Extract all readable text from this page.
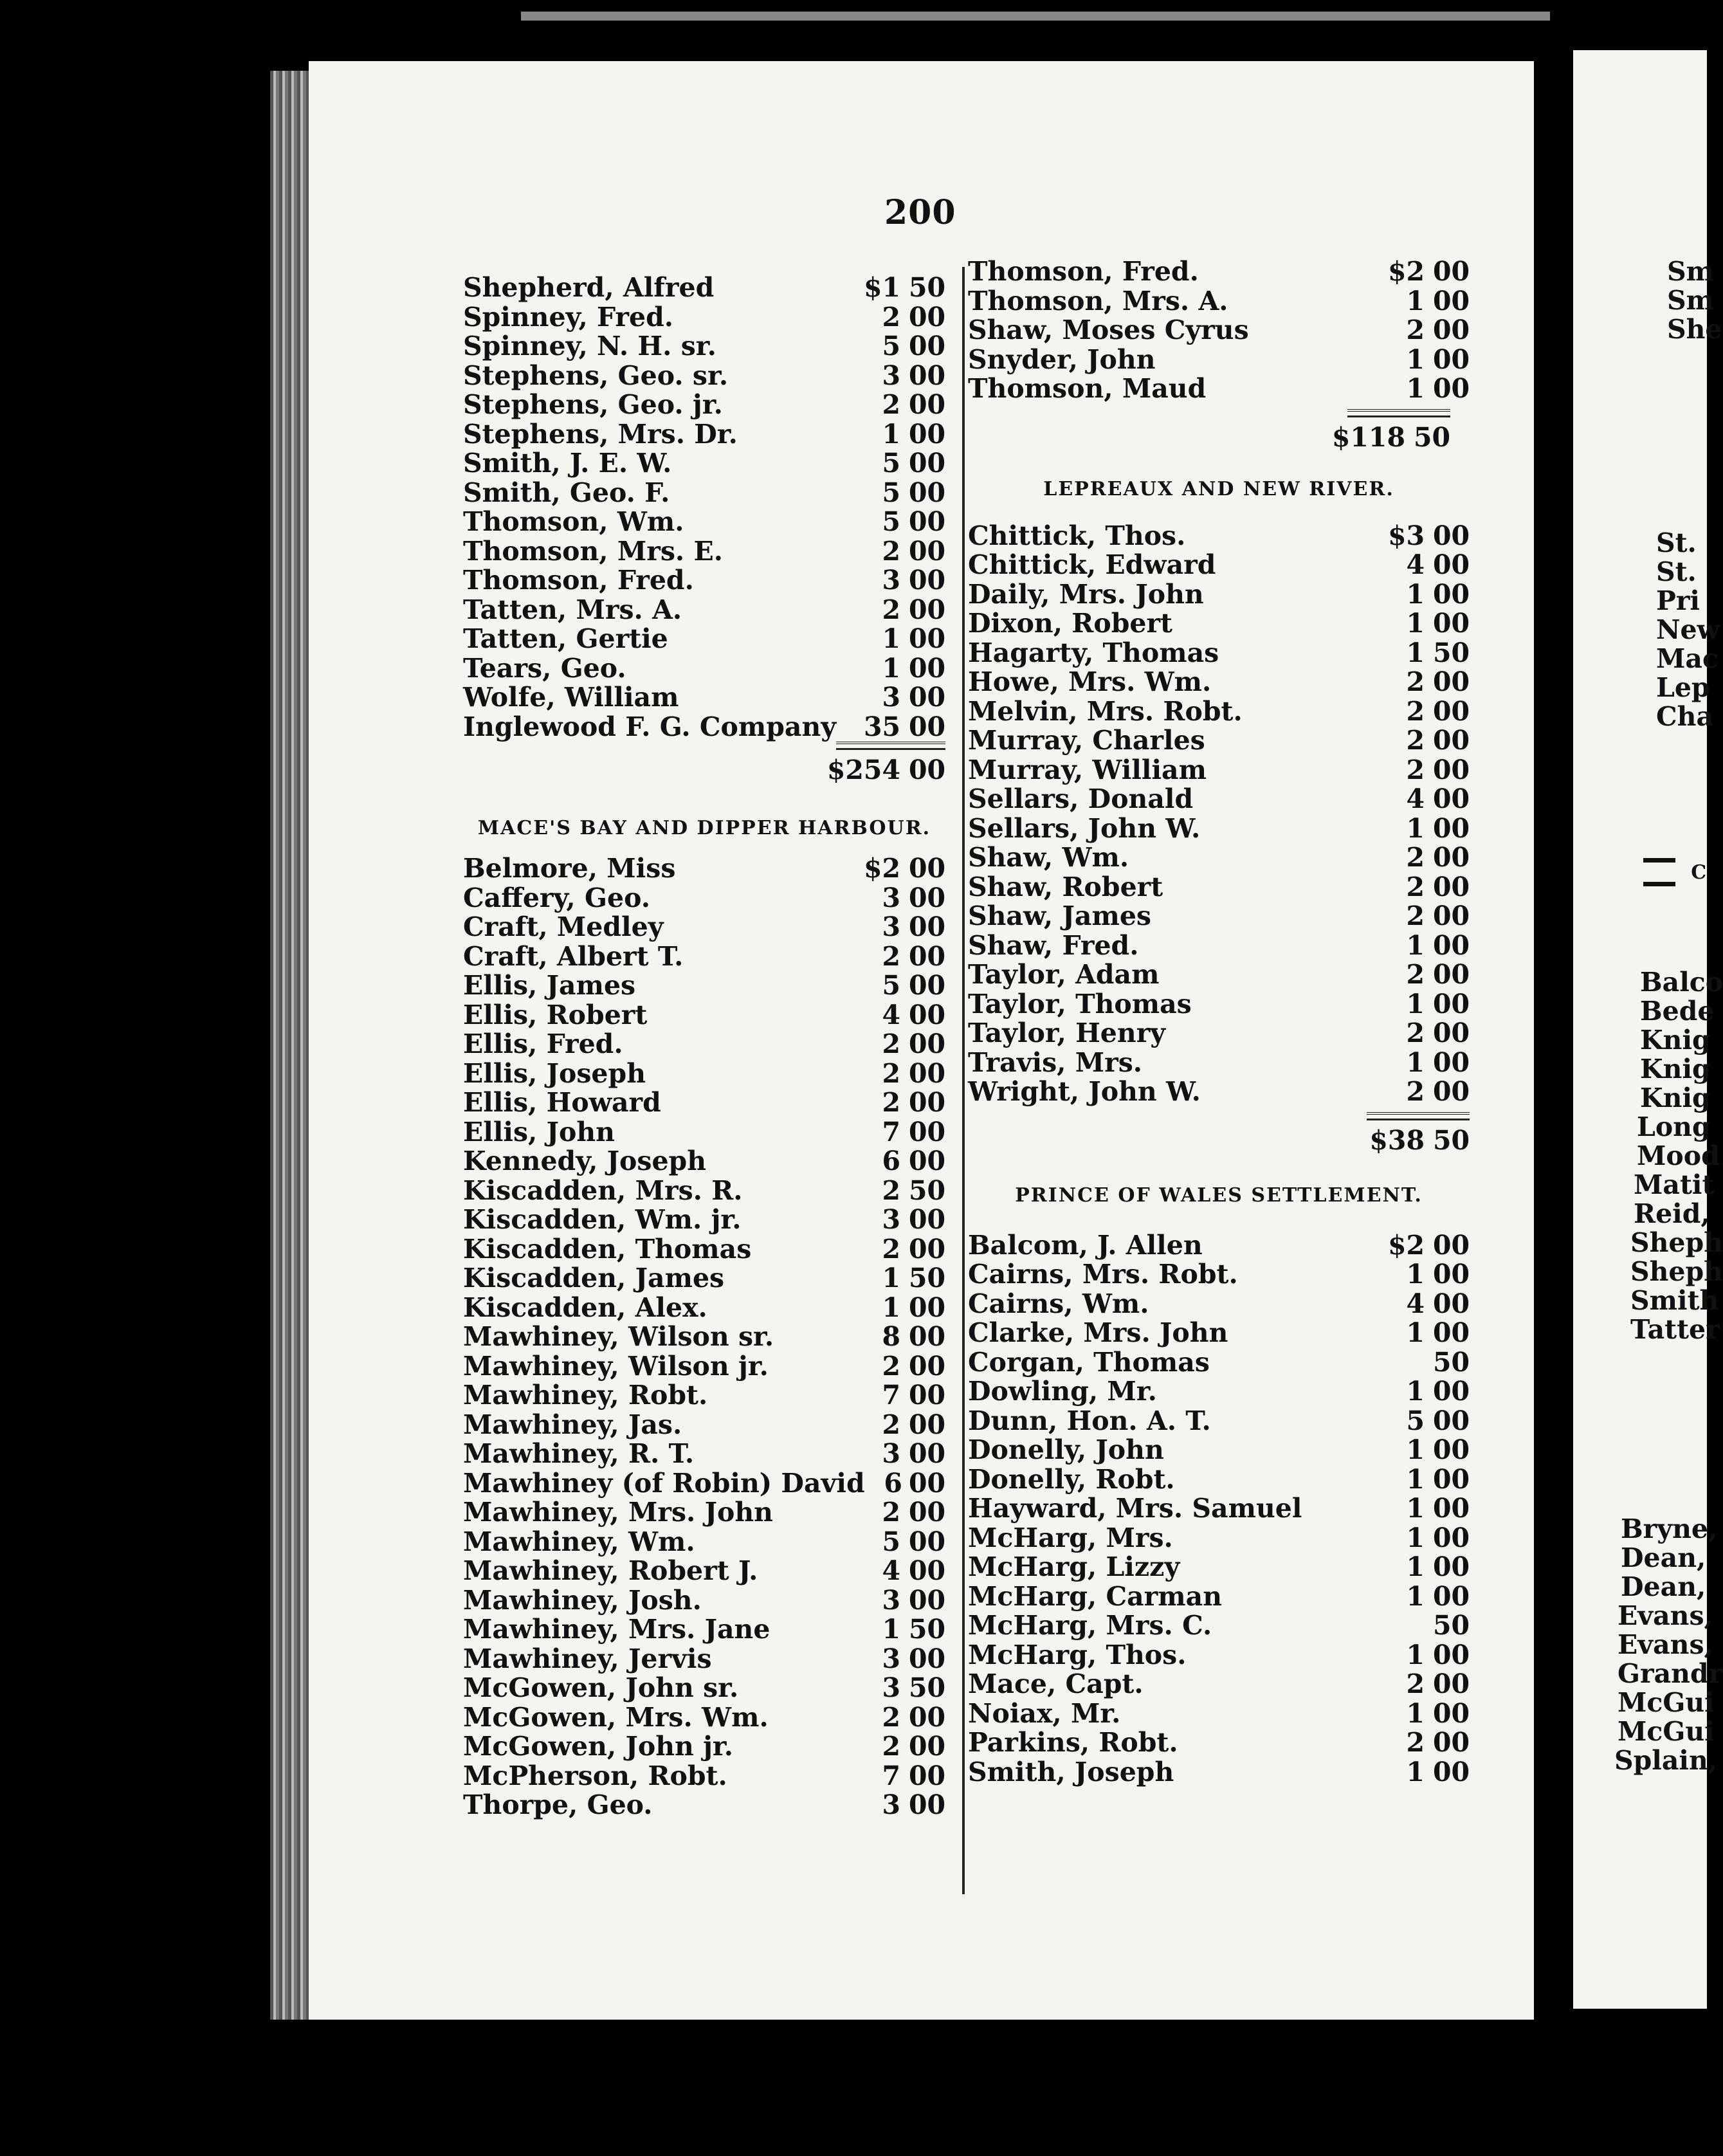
200
Shepherd, Alfred	$1 50
Spinney, Fred.	2 00
Spinney, N. H. sr.	5 00
Stephens, Geo. sr.	3 00
Stephens, Geo. jr.	2 00
Stephens, Mrs. Dr.	1 00
Smith, J. E. W.	5 00
Smith, Geo. F.	5 00
Thomson, Wm.	5 00
Thomson, Mrs. E.	2 00
Thomson, Fred.	3 00
Tatten, Mrs. A.	2 00
Tatten, Gertie	1 00
Tears, Geo.	1 00
Wolfe, William	3 00
Inglewood F. G. Company	35 00
$254 00
MACE'S BAY AND DIPPER HARBOUR.
Belmore, Miss	$2 00
Caffery, Geo.	3 00
Craft, Medley	3 00
Craft, Albert T.	2 00
Ellis, James	5 00
Ellis, Robert	4 00
Ellis, Fred.	2 00
Ellis, Joseph	2 00
Ellis, Howard	2 00
Ellis, John	7 00
Kennedy, Joseph	6 00
Kiscadden, Mrs. R.	2 50
Kiscadden, Wm. jr.	3 00
Kiscadden, Thomas	2 00
Kiscadden, James	1 50
Kiscadden, Alex.	1 00
Mawhiney, Wilson sr.	8 00
Mawhiney, Wilson jr.	2 00
Mawhiney, Robt.	7 00
Mawhiney, Jas.	2 00
Mawhiney, R. T.	3 00
Mawhiney (of Robin) David 6 00
Mawhiney, Mrs. John	2 00
Mawhiney, Wm.	5 00
Mawhiney, Robert J.	4 00
Mawhiney, Josh.	3 00
Mawhiney, Mrs. Jane	1 50
Mawhiney, Jervis	3 00
McGowen, John sr.	3 50
McGowen, Mrs. Wm.	2 00
McGowen, John jr.	2 00
McPherson, Robt.	7 00
Thorpe, Geo.	3 00
Thomson, Fred.	$2 00
Thomson, Mrs. A.	1 00
Shaw, Moses Cyrus	2 00
Snyder, John	1 00
Thomson, Maud	1 00
$118 50
LEPREAUX AND NEW RIVER.
Chittick, Thos.	$3 00
Chittick, Edward	4 00
Daily, Mrs. John	1 00
Dixon, Robert	1 00
Hagarty, Thomas	1 50
Howe, Mrs. Wm.	2 00
Melvin, Mrs. Robt.	2 00
Murray, Charles	2 00
Murray, William	2 00
Sellars, Donald	4 00
Sellars, John W.	1 00
Shaw, Wm.	2 00
Shaw, Robert	2 00
Shaw, James	2 00
Shaw, Fred.	1 00
Taylor, Adam	2 00
Taylor, Thomas	1 00
Taylor, Henry	2 00
Travis, Mrs.	1 00
Wright, John W.	2 00
$38 50
PRINCE OF WALES SETTLEMENT.
Balcom, J. Allen	$2 00
Cairns, Mrs. Robt.	1 00
Cairns, Wm.	4 00
Clarke, Mrs. John	1 00
Corgan, Thomas	50
Dowling, Mr.	1 00
Dunn, Hon. A. T.	5 00
Donelly, John	1 00
Donelly, Robt.	1 00
Hayward, Mrs. Samuel	1 00
McHarg, Mrs.	1 00
McHarg, Lizzy	1 00
McHarg, Carman	1 00
McHarg, Mrs. C.	50
McHarg, Thos.	1 00
Mace, Capt.	2 00
Noiax, Mr.	1 00
Parkins, Robt.	2 00
Smith, Joseph	1 00
Sm
Sm
She
St.
St.
Pri
New
Mac
Lep
Cha
C
Balco
Bede
Knig
Knig
Knig
Long
Mood
Matit
Reid,
Sheph
Sheph
Smith
Tatter
Bryne,
Dean,
Dean,
Evans,
Evans,
Grandr
McGui
McGui
Splain,
